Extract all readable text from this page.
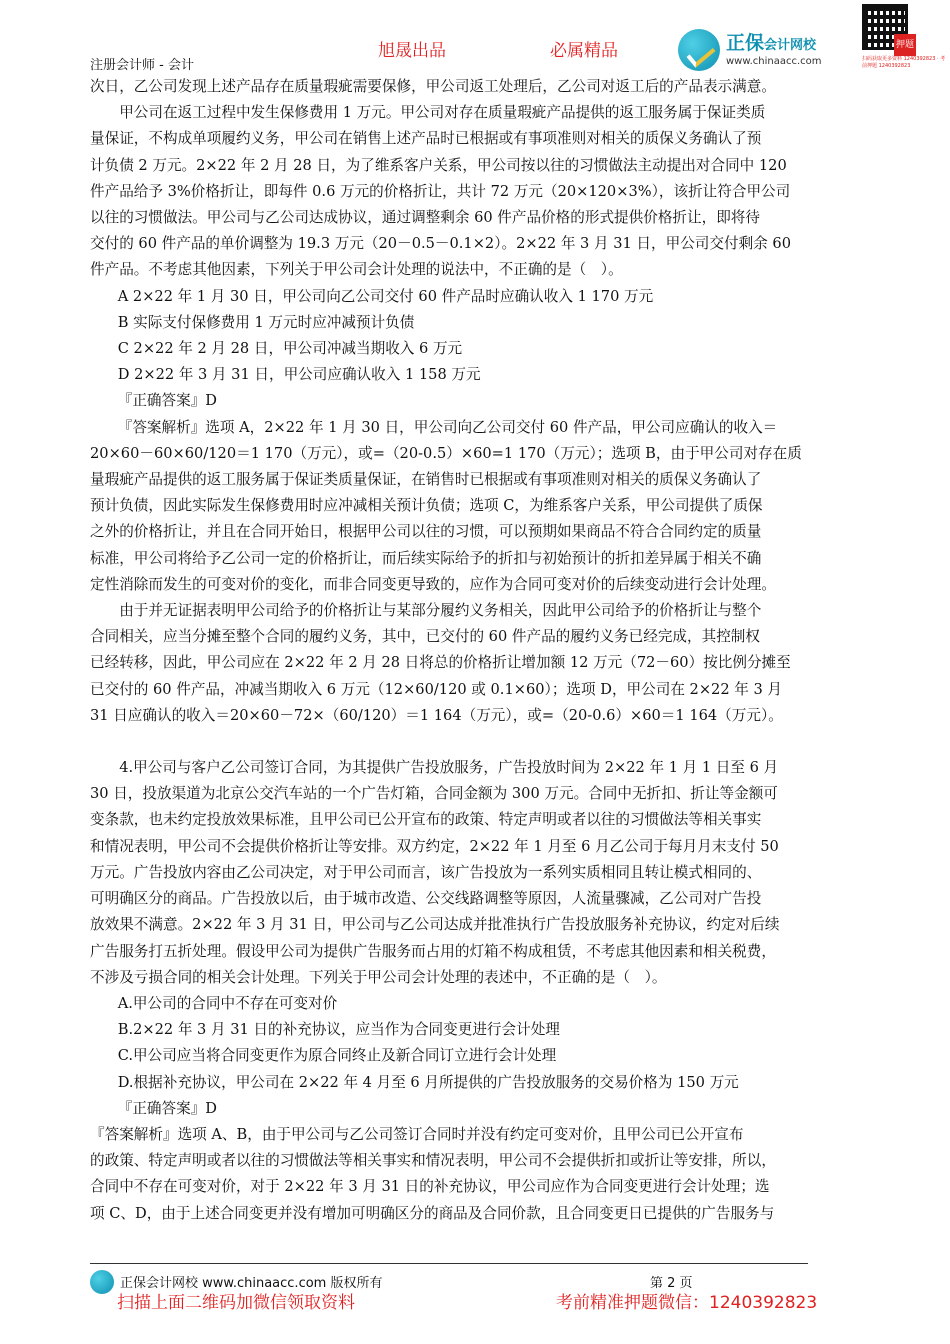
旭晟出品	必属精品
注册会计师 - 会计
正保会计网校
www.chinaacc.com	扫码获取更多资料 1240392823 · 考前押题 1240392823
押题

次日，乙公司发现上述产品存在质量瑕疵需要保修，甲公司返工处理后，乙公司对返工后的产品表示满意。

甲公司在返工过程中发生保修费用 1 万元。甲公司对存在质量瑕疵产品提供的返工服务属于保证类质

量保证，不构成单项履约义务，甲公司在销售上述产品时已根据或有事项准则对相关的质保义务确认了预

计负债 2 万元。2×22 年 2 月 28 日，为了维系客户关系，甲公司按以往的习惯做法主动提出对合同中 120

件产品给予 3%价格折让，即每件 0.6 万元的价格折让，共计 72 万元（20×120×3%），该折让符合甲公司

以往的习惯做法。甲公司与乙公司达成协议，通过调整剩余 60 件产品价格的形式提供价格折让，即将待

交付的 60 件产品的单价调整为 19.3 万元（20－0.5－0.1×2）。2×22 年 3 月 31 日，甲公司交付剩余 60

件产品。不考虑其他因素，下列关于甲公司会计处理的说法中，不正确的是（　）。

A 2×22 年 1 月 30 日，甲公司向乙公司交付 60 件产品时应确认收入 1 170 万元

B 实际支付保修费用 1 万元时应冲减预计负债

C 2×22 年 2 月 28 日，甲公司冲减当期收入 6 万元

D 2×22 年 3 月 31 日，甲公司应确认收入 1 158 万元

『正确答案』D

『答案解析』选项 A，2×22 年 1 月 30 日，甲公司向乙公司交付 60 件产品，甲公司应确认的收入＝

20×60－60×60/120＝1 170（万元），或=（20-0.5）×60=1 170（万元）；选项 B，由于甲公司对存在质

量瑕疵产品提供的返工服务属于保证类质量保证，在销售时已根据或有事项准则对相关的质保义务确认了

预计负债，因此实际发生保修费用时应冲减相关预计负债；选项 C，为维系客户关系，甲公司提供了质保

之外的价格折让，并且在合同开始日，根据甲公司以往的习惯，可以预期如果商品不符合合同约定的质量

标准，甲公司将给予乙公司一定的价格折让，而后续实际给予的折扣与初始预计的折扣差异属于相关不确

定性消除而发生的可变对价的变化，而非合同变更导致的，应作为合同可变对价的后续变动进行会计处理。

由于并无证据表明甲公司给予的价格折让与某部分履约义务相关，因此甲公司给予的价格折让与整个

合同相关，应当分摊至整个合同的履约义务，其中，已交付的 60 件产品的履约义务已经完成，其控制权

已经转移，因此，甲公司应在 2×22 年 2 月 28 日将总的价格折让增加额 12 万元（72－60）按比例分摊至

已交付的 60 件产品，冲减当期收入 6 万元（12×60/120 或 0.1×60）；选项 D，甲公司在 2×22 年 3 月

31 日应确认的收入＝20×60－72×（60/120）＝1 164（万元），或=（20-0.6）×60＝1 164（万元）。

4.甲公司与客户乙公司签订合同，为其提供广告投放服务，广告投放时间为 2×22 年 1 月 1 日至 6 月

30 日，投放渠道为北京公交汽车站的一个广告灯箱，合同金额为 300 万元。合同中无折扣、折让等金额可

变条款，也未约定投放效果标准，且甲公司已公开宣布的政策、特定声明或者以往的习惯做法等相关事实

和情况表明，甲公司不会提供价格折让等安排。双方约定，2×22 年 1 月至 6 月乙公司于每月月末支付 50

万元。广告投放内容由乙公司决定，对于甲公司而言，该广告投放为一系列实质相同且转让模式相同的、

可明确区分的商品。广告投放以后，由于城市改造、公交线路调整等原因，人流量骤减，乙公司对广告投

放效果不满意。2×22 年 3 月 31 日，甲公司与乙公司达成并批准执行广告投放服务补充协议，约定对后续

广告服务打五折处理。假设甲公司为提供广告服务而占用的灯箱不构成租赁，不考虑其他因素和相关税费，

不涉及亏损合同的相关会计处理。下列关于甲公司会计处理的表述中，不正确的是（　）。

A.甲公司的合同中不存在可变对价

B.2×22 年 3 月 31 日的补充协议，应当作为合同变更进行会计处理

C.甲公司应当将合同变更作为原合同终止及新合同订立进行会计处理

D.根据补充协议，甲公司在 2×22 年 4 月至 6 月所提供的广告投放服务的交易价格为 150 万元

『正确答案』D

『答案解析』选项 A、B，由于甲公司与乙公司签订合同时并没有约定可变对价，且甲公司已公开宣布

的政策、特定声明或者以往的习惯做法等相关事实和情况表明，甲公司不会提供折扣或折让等安排，所以，

合同中不存在可变对价，对于 2×22 年 3 月 31 日的补充协议，甲公司应作为合同变更进行会计处理；选

项 C、D，由于上述合同变更并没有增加可明确区分的商品及合同价款，且合同变更日已提供的广告服务与

正保会计网校 www.chinaacc.com 版权所有	第 2 页
扫描上面二维码加微信领取资料	考前精准押题微信：1240392823
